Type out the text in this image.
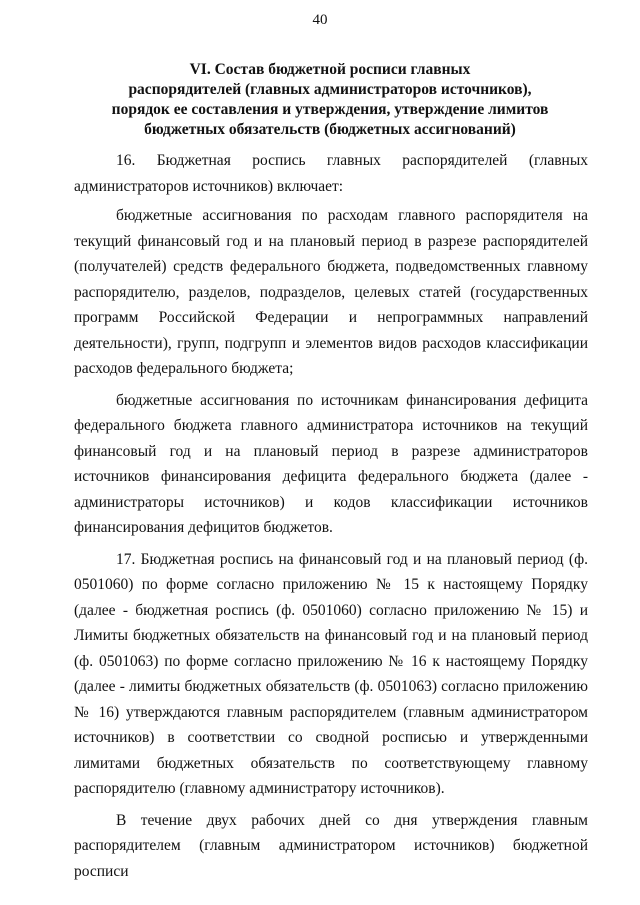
40
VI. Состав бюджетной росписи главных
распорядителей (главных администраторов источников),
порядок ее составления и утверждения, утверждение лимитов
бюджетных обязательств (бюджетных ассигнований)

16. Бюджетная роспись главных распорядителей (главных администраторов источников) включает:

бюджетные ассигнования по расходам главного распорядителя на текущий финансовый год и на плановый период в разрезе распорядителей (получателей) средств федерального бюджета, подведомственных главному распорядителю, разделов, подразделов, целевых статей (государственных программ Российской Федерации и непрограммных направлений деятельности), групп, подгрупп и элементов видов расходов классификации расходов федерального бюджета;

бюджетные ассигнования по источникам финансирования дефицита федерального бюджета главного администратора источников на текущий финансовый год и на плановый период в разрезе администраторов источников финансирования дефицита федерального бюджета (далее - администраторы источников) и кодов классификации источников финансирования дефицитов бюджетов.

17. Бюджетная роспись на финансовый год и на плановый период (ф. 0501060) по форме согласно приложению № 15 к настоящему Порядку (далее - бюджетная роспись (ф. 0501060) согласно приложению № 15) и Лимиты бюджетных обязательств на финансовый год и на плановый период (ф. 0501063) по форме согласно приложению № 16 к настоящему Порядку (далее - лимиты бюджетных обязательств (ф. 0501063) согласно приложению № 16) утверждаются главным распорядителем (главным администратором источников) в соответствии со сводной росписью и утвержденными лимитами бюджетных обязательств по соответствующему главному распорядителю (главному администратору источников).

В течение двух рабочих дней со дня утверждения главным распорядителем (главным администратором источников) бюджетной росписи
